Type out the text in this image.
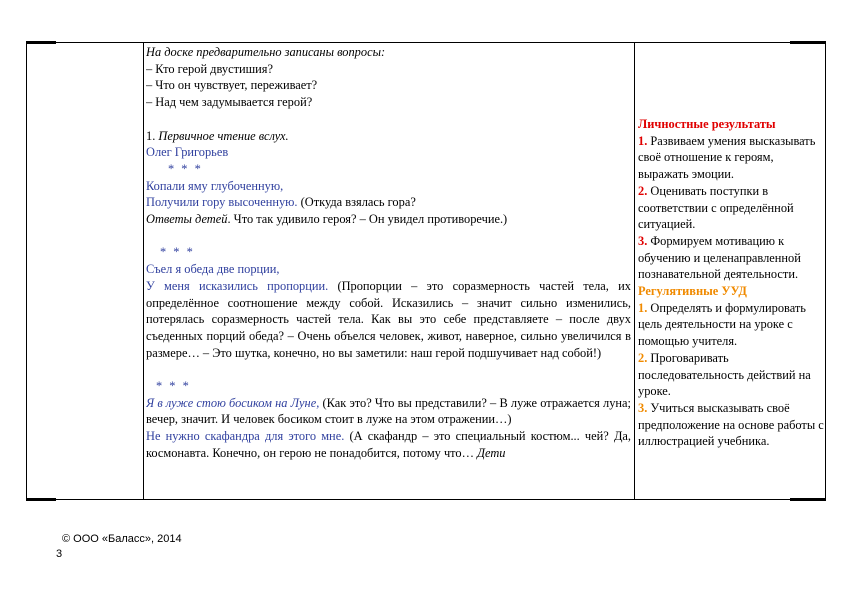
На доске предварительно записаны вопросы:

– Кто герой двустишия?

– Что он чувствует, переживает?

– Над чем задумывается герой?

1. Первичное чтение вслух.

Олег Григорьев

* * *

Копали яму глубоченную,

Получили гору высоченную. (Откуда взялась гора?

Ответы детей. Что так удивило героя? – Он увидел противоречие.)

* * *

Съел я обеда две порции,

У меня исказились пропорции. (Пропорции – это соразмерность частей тела, их определённое соотношение между собой. Исказились – значит сильно изменились, потерялась соразмерность частей тела. Как вы это себе представляете – после двух съеденных порций обеда? – Очень объелся человек, живот, наверное, сильно увеличился в размере… – Это шутка, конечно, но вы заметили: наш герой подшучивает над собой!)

* * *

Я в луже стою босиком на Луне, (Как это? Что вы представили? – В луже отражается луна; вечер, значит. И человек босиком стоит в луже на этом отражении…)

Не нужно скафандра для этого мне. (А скафандр – это специальный костюм... чей? Да, космонавта. Конечно, он герою не понадобится, потому что… Дети

Личностные результаты

1. Развиваем умения высказывать своё отношение к героям, выражать эмоции.

2. Оценивать поступки в соответствии с определённой ситуацией.

3. Формируем мотивацию к обучению и целенаправленной познавательной деятельности.

Регулятивные УУД

1. Определять и формулировать цель деятельности на уроке с помощью учителя.

2. Проговаривать последовательность действий на уроке.

3. Учиться высказывать своё предположение на основе работы с иллюстрацией учебника.

© ООО «Баласс», 2014
3
